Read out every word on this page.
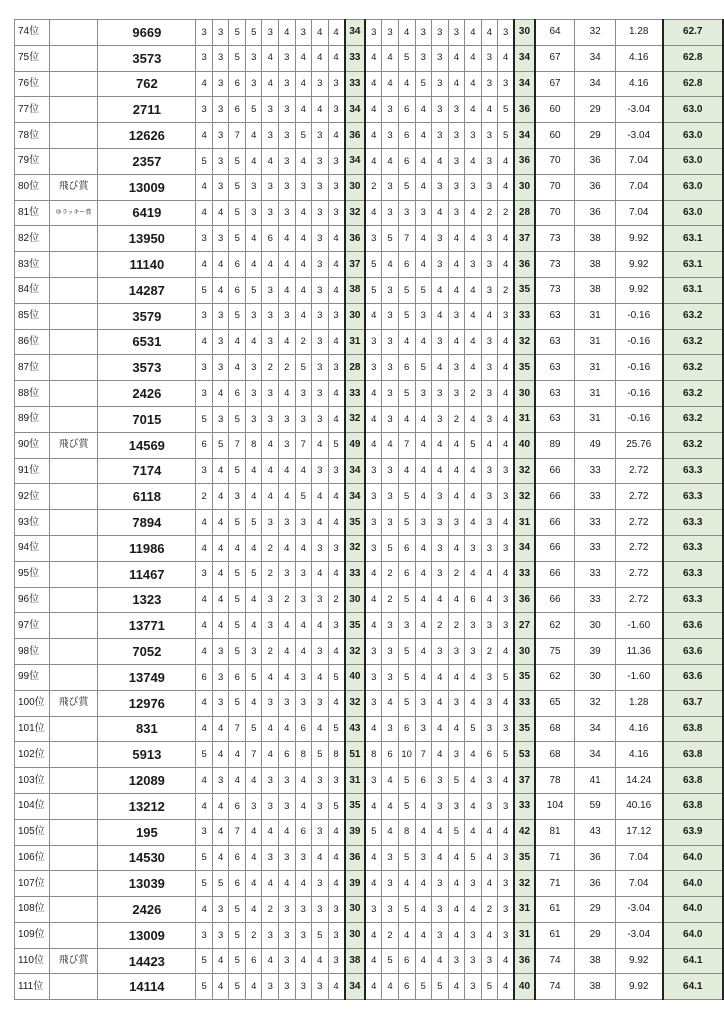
74位		9669	3	3	5	5	3	4	3	4	4	34	3	3	4	3	3	3	4	4	3	30	64	32	1.28	62.7
75位		3573	3	3	5	3	4	3	4	4	4	33	4	4	5	3	3	4	4	3	4	34	67	34	4.16	62.8
76位		762	4	3	6	3	4	3	4	3	3	33	4	4	4	5	3	4	4	3	3	34	67	34	4.16	62.8
77位		2711	3	3	6	5	3	3	4	4	3	34	4	3	6	4	3	3	4	4	5	36	60	29	-3.04	63.0
78位		12626	4	3	7	4	3	3	5	3	4	36	4	3	6	4	3	3	3	3	5	34	60	29	-3.04	63.0
79位		2357	5	3	5	4	4	3	4	3	3	34	4	4	6	4	4	3	4	3	4	36	70	36	7.04	63.0
80位	飛び賞	13009	4	3	5	3	3	3	3	3	3	30	2	3	5	4	3	3	3	3	4	30	70	36	7.04	63.0
81位	ゆラッキー賞	6419	4	4	5	3	3	3	4	3	3	32	4	3	3	3	4	3	4	2	2	28	70	36	7.04	63.0
82位		13950	3	3	5	4	6	4	4	3	4	36	3	5	7	4	3	4	4	3	4	37	73	38	9.92	63.1
83位		11140	4	4	6	4	4	4	4	3	4	37	5	4	6	4	3	4	3	3	4	36	73	38	9.92	63.1
84位		14287	5	4	6	5	3	4	4	3	4	38	5	3	5	5	4	4	4	3	2	35	73	38	9.92	63.1
85位		3579	3	3	5	3	3	3	4	3	3	30	4	3	5	3	4	3	4	4	3	33	63	31	-0.16	63.2
86位		6531	4	3	4	4	3	4	2	3	4	31	3	3	4	4	3	4	4	3	4	32	63	31	-0.16	63.2
87位		3573	3	3	4	3	2	2	5	3	3	28	3	3	6	5	4	3	4	3	4	35	63	31	-0.16	63.2
88位		2426	3	4	6	3	3	4	3	3	4	33	4	3	5	3	3	3	2	3	4	30	63	31	-0.16	63.2
89位		7015	5	3	5	3	3	3	3	3	4	32	4	3	4	4	3	2	4	3	4	31	63	31	-0.16	63.2
90位	飛び賞	14569	6	5	7	8	4	3	7	4	5	49	4	4	7	4	4	4	5	4	4	40	89	49	25.76	63.2
91位		7174	3	4	5	4	4	4	4	3	3	34	3	3	4	4	4	4	4	3	3	32	66	33	2.72	63.3
92位		6118	2	4	3	4	4	4	5	4	4	34	3	3	5	4	3	4	4	3	3	32	66	33	2.72	63.3
93位		7894	4	4	5	5	3	3	3	4	4	35	3	3	5	3	3	3	4	3	4	31	66	33	2.72	63.3
94位		11986	4	4	4	4	2	4	4	3	3	32	3	5	6	4	3	4	3	3	3	34	66	33	2.72	63.3
95位		11467	3	4	5	5	2	3	3	4	4	33	4	2	6	4	3	2	4	4	4	33	66	33	2.72	63.3
96位		1323	4	4	5	4	3	2	3	3	2	30	4	2	5	4	4	4	6	4	3	36	66	33	2.72	63.3
97位		13771	4	4	5	4	3	4	4	4	3	35	4	3	3	4	2	2	3	3	3	27	62	30	-1.60	63.6
98位		7052	4	3	5	3	2	4	4	3	4	32	3	3	5	4	3	3	3	2	4	30	75	39	11.36	63.6
99位		13749	6	3	6	5	4	4	3	4	5	40	3	3	5	4	4	4	4	3	5	35	62	30	-1.60	63.6
100位	飛び賞	12976	4	3	5	4	3	3	3	3	4	32	3	4	5	3	4	3	4	3	4	33	65	32	1.28	63.7
101位		831	4	4	7	5	4	4	6	4	5	43	4	3	6	3	4	4	5	3	3	35	68	34	4.16	63.8
102位		5913	5	4	4	7	4	6	8	5	8	51	8	6	10	7	4	3	4	6	5	53	68	34	4.16	63.8
103位		12089	4	3	4	4	3	3	4	3	3	31	3	4	5	6	3	5	4	3	4	37	78	41	14.24	63.8
104位		13212	4	4	6	3	3	3	4	3	5	35	4	4	5	4	3	3	4	3	3	33	104	59	40.16	63.8
105位		195	3	4	7	4	4	4	6	3	4	39	5	4	8	4	4	5	4	4	4	42	81	43	17.12	63.9
106位		14530	5	4	6	4	3	3	3	4	4	36	4	3	5	3	4	4	5	4	3	35	71	36	7.04	64.0
107位		13039	5	5	6	4	4	4	4	3	4	39	4	3	4	4	3	4	3	4	3	32	71	36	7.04	64.0
108位		2426	4	3	5	4	2	3	3	3	3	30	3	3	5	4	3	4	4	2	3	31	61	29	-3.04	64.0
109位		13009	3	3	5	2	3	3	3	5	3	30	4	2	4	4	3	4	3	4	3	31	61	29	-3.04	64.0
110位	飛び賞	14423	5	4	5	6	4	3	4	4	3	38	4	5	6	4	4	3	3	3	4	36	74	38	9.92	64.1
111位		14114	5	4	5	4	3	3	3	3	4	34	4	4	6	5	5	4	3	5	4	40	74	38	9.92	64.1
